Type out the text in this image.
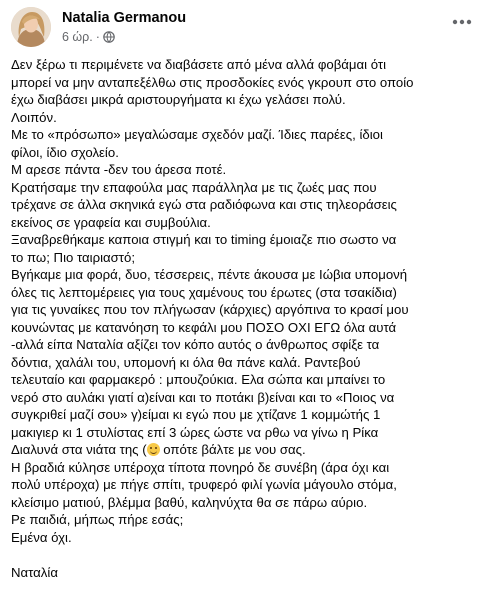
Natalia Germanou
6 ώρ. ·

Δεν ξέρω τι περιμένετε να διαβάσετε από μένα αλλά φοβάμαι ότι

μπορεί να μην ανταπεξέλθω στις προσδοκίες ενός γκρουπ στο οποίο

έχω διαβάσει μικρά αριστουργήματα κι έχω γελάσει πολύ.

Λοιπόν.

Με το «πρόσωπο» μεγαλώσαμε σχεδόν μαζί. Ίδιες παρέες, ίδιοι

φίλοι, ίδιο σχολείο.

Μ αρεσε πάντα -δεν του άρεσα ποτέ.

Κρατήσαμε την επαφούλα μας παράλληλα με τις ζωές μας που

τρέχανε σε άλλα σκηνικά εγώ στα ραδιόφωνα και στις τηλεοράσεις

εκείνος σε γραφεία και συμβούλια.

Ξαναβρεθήκαμε καποια στιγμή και το timing έμοιαζε πιο σωστο να

το πω; Πιο ταιριαστό;

Βγήκαμε μια φορά, δυο, τέσσερεις, πέντε άκουσα με Ιώβια υπομονή

όλες τις λεπτομέρειες για τους χαμένους του έρωτες (στα τσακίδια)

για τις γυναίκες που τον πλήγωσαν (κάρχιες) αργόπινα το κρασί μου

κουνώντας με κατανόηση το κεφάλι μου ΠΟΣΟ ΟΧΙ ΕΓΩ όλα αυτά

-αλλά είπα Ναταλία αξίζει τον κόπο αυτός ο άνθρωπος σφίξε τα

δόντια, χαλάλι του, υπομονή κι όλα θα πάνε καλά. Ραντεβού

τελευταίο και φαρμακερό : μπουζούκια. Ελα σώπα και μπαίνει το

νερό στο αυλάκι γιατί α)είναι και το ποτάκι β)είναι και το «Ποιος να

συγκριθεί μαζί σου» γ)είμαι κι εγώ που με χτίζανε 1 κομμώτής 1

μακιγιερ κι 1 στυλίστας επί 3 ώρες ώστε να ρθω να γίνω η Ρίκα

Διαλυνά στα νιάτα της (
οπότε βάλτε με νου σας.

Η βραδιά κύλησε υπέροχα τίποτα πονηρό δε συνέβη (άρα όχι και

πολύ υπέροχα) με πήγε σπίτι, τρυφερό φιλί γωνία μάγουλο στόμα,

κλείσιμο ματιού, βλέμμα βαθύ, καληνύχτα θα σε πάρω αύριο.

Ρε παιδιά, μήπως πήρε εσάς;

Εμένα όχι.

Ναταλία
